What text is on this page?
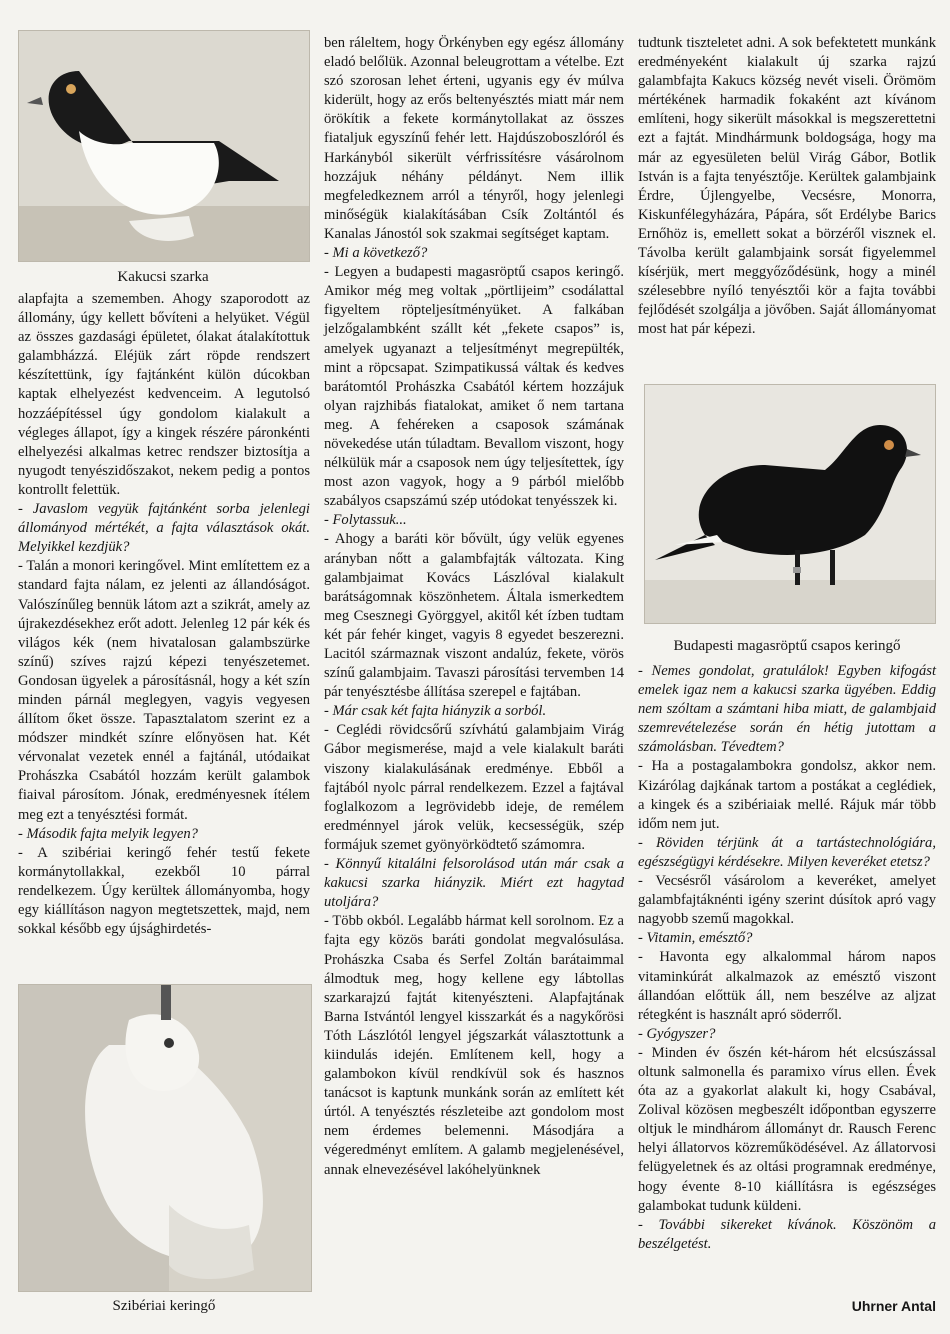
Kakucsi szarka

alapfajta a szememben. Ahogy szaporodott az állomány, úgy kellett bővíteni a helyüket. Végül az összes gazdasági épületet, ólakat átalakítottuk galambházzá. Eléjük zárt röpde rendszert készítettünk, így fajtánként külön dúcokban kaptak elhelyezést kedvenceim. A legutolsó hozzáépítéssel úgy gondolom kialakult a végleges állapot, így a kingek részére páronkénti elhelyezési alkalmas ketrec rendszer biztosítja a nyugodt tenyészidőszakot, nekem pedig a pontos kontrollt felettük.

- Javaslom vegyük fajtánként sorba jelenlegi állományod mértékét, a fajta választások okát. Melyikkel kezdjük?

- Talán a monori keringővel. Mint említettem ez a standard fajta nálam, ez jelenti az állandóságot. Valószínűleg bennük látom azt a szikrát, amely az újrakezdésekhez erőt adott. Jelenleg 12 pár kék és világos kék (nem hivatalosan galambszürke színű) szíves rajzú képezi tenyészetemet. Gondosan ügyelek a párosításnál, hogy a két szín minden párnál meglegyen, vagyis vegyesen állítom őket össze. Tapasztalatom szerint ez a módszer mindkét színre előnyösen hat. Két vérvonalat vezetek ennél a fajtánál, utódaikat Prohászka Csabától hozzám került galambok fiaival párosítom. Jónak, eredményesnek ítélem meg ezt a tenyésztési formát.

- Második fajta melyik legyen?

- A szibériai keringő fehér testű fekete kormánytollakkal, ezekből 10 párral rendelkezem. Úgy kerültek állományomba, hogy egy kiállításon nagyon megtetszettek, majd, nem sokkal később egy újsághirdetés-

Szibériai keringő

ben ráleltem, hogy Örkényben egy egész állomány eladó belőlük. Azonnal beleugrottam a vételbe. Ezt szó szorosan lehet érteni, ugyanis egy év múlva kiderült, hogy az erős beltenyésztés miatt már nem örökítik a fekete kormánytollakat az összes fiataljuk egyszínű fehér lett. Hajdúszoboszlóról és Harkányból sikerült vérfrissítésre vásárolnom hozzájuk néhány példányt. Nem illik megfeledkeznem arról a tényről, hogy jelenlegi minőségük kialakításában Csík Zoltántól és Kanalas Jánostól sok szakmai segítséget kaptam.

- Mi a következő?

- Legyen a budapesti magasröptű csapos keringő. Amikor még meg voltak „pörtlijeim” csodálattal figyeltem röpteljesítményüket. A falkában jelzőgalambként szállt két „fekete csapos” is, amelyek ugyanazt a teljesítményt megrepülték, mint a röpcsapat. Szimpatikussá váltak és kedves barátomtól Prohászka Csabától kértem hozzájuk olyan rajzhibás fiatalokat, amiket ő nem tartana meg. A fehéreken a csaposok számának növekedése után túladtam. Bevallom viszont, hogy nélkülük már a csaposok nem úgy teljesítettek, így most azon vagyok, hogy a 9 párból mielőbb szabályos csapszámú szép utódokat tenyésszek ki.

- Folytassuk...

- Ahogy a baráti kör bővült, úgy velük egyenes arányban nőtt a galambfajták változata. King galambjaimat Kovács Lászlóval kialakult barátságomnak köszönhetem. Általa ismerkedtem meg Csesznegi Györggyel, akitől két ízben tudtam két pár fehér kinget, vagyis 8 egyedet beszerezni. Lacitól származnak viszont andalúz, fekete, vörös színű galambjaim. Tavaszi párosítási tervemben 14 pár tenyésztésbe állítása szerepel e fajtában.

- Már csak két fajta hiányzik a sorból.

- Ceglédi rövidcsőrű szívhátú galambjaim Virág Gábor megismerése, majd a vele kialakult baráti viszony kialakulásának eredménye. Ebből a fajtából nyolc párral rendelkezem. Ezzel a fajtával foglalkozom a legrövidebb ideje, de remélem eredménnyel járok velük, kecsességük, szép formájuk szemet gyönyörködtető számomra.

- Könnyű kitalálni felsorolásod után már csak a kakucsi szarka hiányzik. Miért ezt hagytad utoljára?

- Több okból. Legalább hármat kell sorolnom. Ez a fajta egy közös baráti gondolat megvalósulása. Prohászka Csaba és Serfel Zoltán barátaimmal álmodtuk meg, hogy kellene egy lábtollas szarkarajzú fajtát kitenyészteni. Alapfajtának Barna Istvántól lengyel kisszarkát és a nagykőrösi Tóth Lászlótól lengyel jégszarkát választottunk a kiindulás idején. Említenem kell, hogy a galambokon kívül rendkívül sok és hasznos tanácsot is kaptunk munkánk során az említett két úrtól. A tenyésztés részleteibe azt gondolom most nem érdemes belemenni. Másodjára a végeredményt említem. A galamb megjelenésével, annak elnevezésével lakóhelyünknek

tudtunk tiszteletet adni. A sok befektetett munkánk eredményeként kialakult új szarka rajzú galambfajta Kakucs község nevét viseli. Örömöm mértékének harmadik fokaként azt kívánom említeni, hogy sikerült másokkal is megszerettetni ezt a fajtát. Mindhármunk boldogsága, hogy ma már az egyesületen belül Virág Gábor, Botlik István is a fajta tenyésztője. Kerültek galambjaink Érdre, Újlengyelbe, Vecsésre, Monorra, Kiskunfélegyházára, Pápára, sőt Erdélybe Barics Ernőhöz is, emellett sokat a börzéről visznek el. Távolba került galambjaink sorsát figyelemmel kísérjük, mert meggyőződésünk, hogy a minél szélesebbre nyíló tenyésztői kör a fajta további fejlődését szolgálja a jövőben. Saját állományomat most hat pár képezi.

Budapesti magasröptű csapos keringő

- Nemes gondolat, gratulálok! Egyben kifogást emelek igaz nem a kakucsi szarka ügyében. Eddig nem szóltam a számtani hiba miatt, de galambjaid szemrevételezése során én hétig jutottam a számolásban. Tévedtem?

- Ha a postagalambokra gondolsz, akkor nem. Kizárólag dajkának tartom a postákat a ceglédiek, a kingek és a szibériaiak mellé. Rájuk már több időm nem jut.

- Röviden térjünk át a tartástechnológiára, egészségügyi kérdésekre. Milyen keveréket etetsz?

- Vecsésről vásárolom a keveréket, amelyet galambfajtáknénti igény szerint dúsítok apró vagy nagyobb szemű magokkal.

- Vitamin, emésztő?

- Havonta egy alkalommal három napos vitaminkúrát alkalmazok az emésztő viszont állandóan előttük áll, nem beszélve az aljzat rétegként is használt apró söderről.

- Gyógyszer?

- Minden év őszén két-három hét elcsúszással oltunk salmonella és paramixo vírus ellen. Évek óta az a gyakorlat alakult ki, hogy Csabával, Zolival közösen megbeszélt időpontban egyszerre oltjuk le mindhárom állományt dr. Rausch Ferenc helyi állatorvos közreműködésével. Az állatorvosi felügyeletnek és az oltási programnak eredménye, hogy évente 8-10 kiállításra is egészséges galambokat tudunk küldeni.

- További sikereket kívánok. Köszönöm a beszélgetést.

Uhrner Antal
